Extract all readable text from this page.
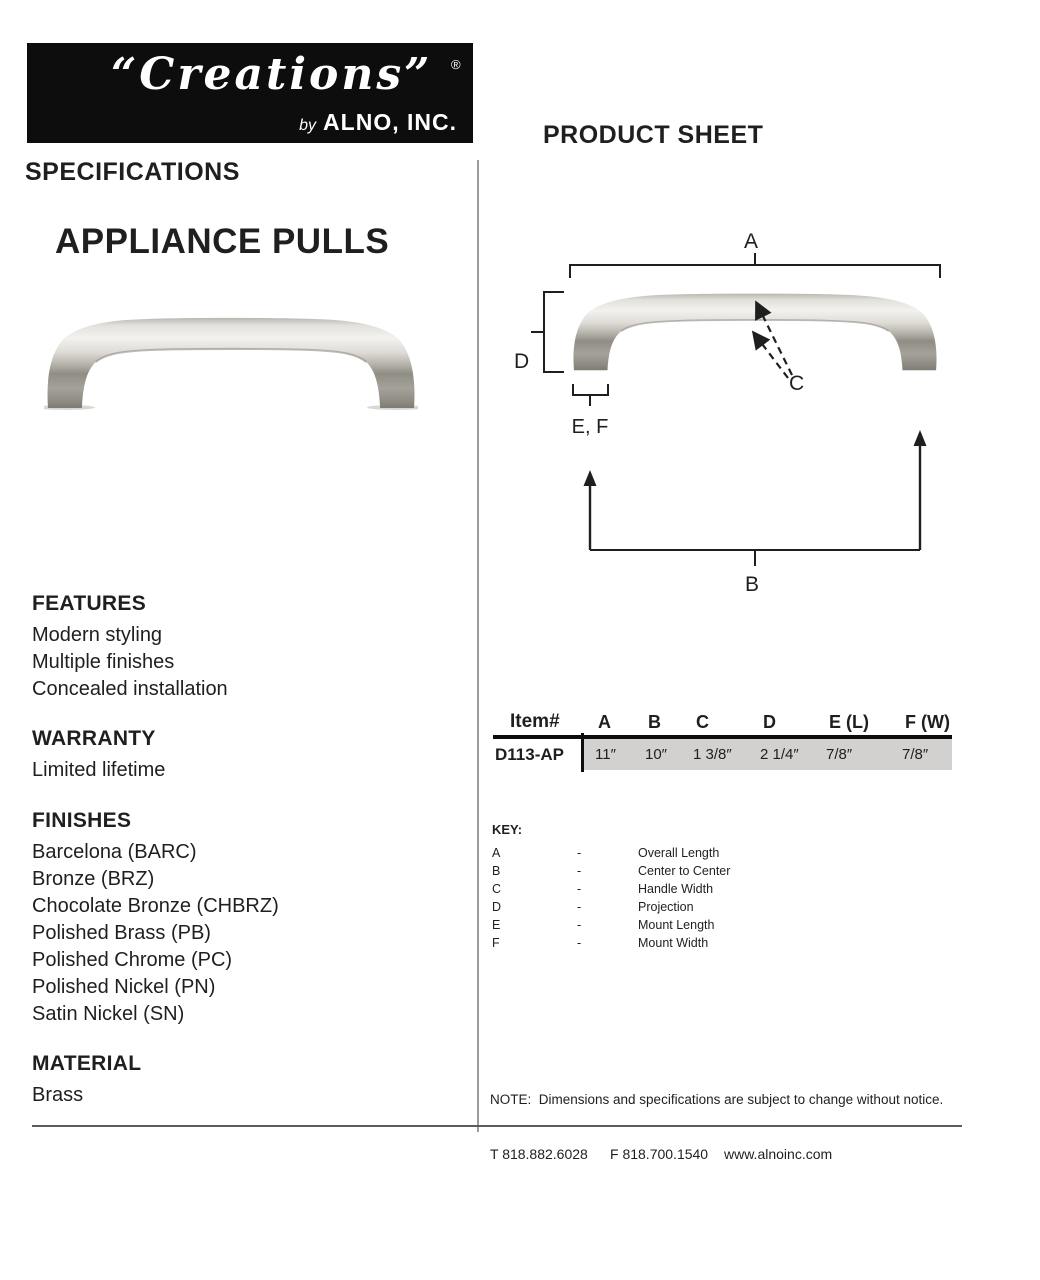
“Creations”	®
by ALNO, INC.
SPECIFICATIONS
APPLIANCE PULLS
FEATURES
Modern styling
Multiple finishes
Concealed installation
WARRANTY
Limited lifetime
FINISHES
Barcelona (BARC)
Bronze (BRZ)
Chocolate Bronze (CHBRZ)
Polished Brass (PB)
Polished Chrome (PC)
Polished Nickel (PN)
Satin Nickel (SN)
MATERIAL
Brass
PRODUCT SHEET
A
D
C
E, F
B
Item#	A	B	C	D	E (L)	F (W)
D113-AP	11″	10″	1 3/8″	2 1/4″	7/8″	7/8″
KEY:
A	-	Overall Length
B	-	Center to Center
C	-	Handle Width
D	-	Projection
E	-	Mount Length
F	-	Mount Width
NOTE:  Dimensions and specifications are subject to change without notice.
T 818.882.6028 F 818.700.1540 www.alnoinc.com
